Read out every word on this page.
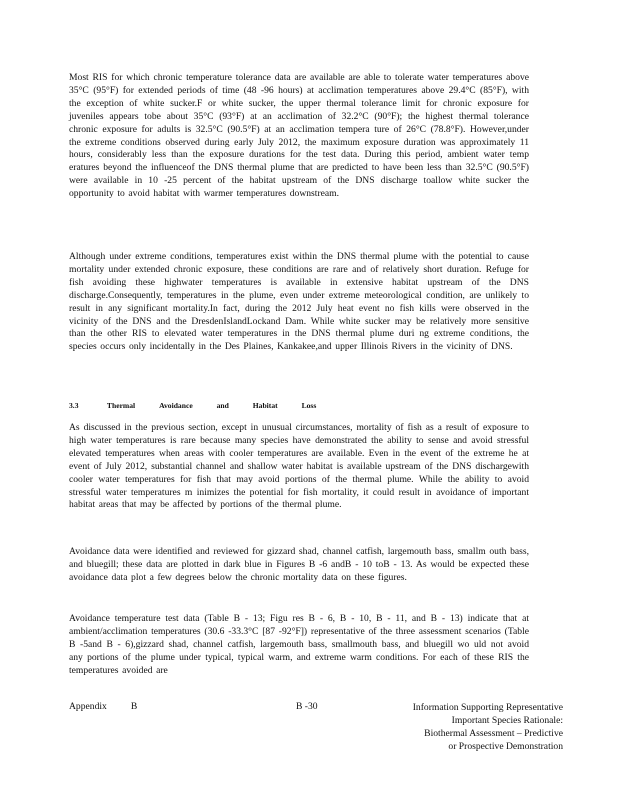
Most RIS for which chronic temperature tolerance data are available are able to tolerate water temperatures above 35°C (95°F) for extended periods of time (48 -96 hours) at acclimation temperatures above 29.4°C (85°F), with the exception of white sucker.F or white sucker, the upper thermal tolerance limit for chronic exposure for juveniles appears tobe about 35°C (93°F) at an acclimation of 32.2°C (90°F); the highest thermal tolerance chronic exposure for adults is 32.5°C (90.5°F) at an acclimation tempera ture of 26°C (78.8°F). However,under the extreme conditions observed during early July 2012, the maximum exposure duration was approximately 11 hours, considerably less than the exposure durations for the test data. During this period, ambient water temp eratures beyond the influenceof the DNS thermal plume that are predicted to have been less than 32.5°C (90.5°F) were available in 10 -25 percent of the habitat upstream of the DNS discharge toallow white sucker the opportunity to avoid habitat with warmer temperatures downstream.

Although under extreme conditions, temperatures exist within the DNS thermal plume with the potential to cause mortality under extended chronic exposure, these conditions are rare and of relatively short duration. Refuge for fish avoiding these highwater temperatures is available in extensive habitat upstream of the DNS discharge.Consequently, temperatures in the plume, even under extreme meteorological condition, are unlikely to result in any significant mortality.In fact, during the 2012 July heat event no fish kills were observed in the vicinity of the DNS and the DresdenIslandLockand Dam. While white sucker may be relatively more sensitive than the other RIS to elevated water temperatures in the DNS thermal plume duri ng extreme conditions, the species occurs only incidentally in the Des Plaines, Kankakee,and upper Illinois Rivers in the vicinity of DNS.

3.3	Thermal	Avoidance	and	Habitat	Loss

As discussed in the previous section, except in unusual circumstances, mortality of fish as a result of exposure to high water temperatures is rare because many species have demonstrated the ability to sense and avoid stressful elevated temperatures when areas with cooler temperatures are available. Even in the event of the extreme he at event of July 2012, substantial channel and shallow water habitat is available upstream of the DNS dischargewith cooler water temperatures for fish that may avoid portions of the thermal plume. While the ability to avoid stressful water temperatures m inimizes the potential for fish mortality, it could result in avoidance of important habitat areas that may be affected by portions of the thermal plume.

Avoidance data were identified and reviewed for gizzard shad, channel catfish, largemouth bass, smallm outh bass, and bluegill; these data are plotted in dark blue in Figures B -6 andB - 10 toB - 13. As would be expected these avoidance data plot a few degrees below the chronic mortality data on these figures.

Avoidance temperature test data (Table B - 13; Figu res B - 6, B - 10, B - 11, and B - 13) indicate that at ambient/acclimation temperatures (30.6 -33.3°C [87 -92°F]) representative of the three assessment scenarios (Table B -5and B - 6),gizzard shad, channel catfish, largemouth bass, smallmouth bass, and bluegill wo uld not avoid any portions of the plume under typical, typical warm, and extreme warm conditions. For each of these RIS the temperatures avoided are

Appendix	B	B -30	Information Supporting Representative
Important Species Rationale:
Biothermal Assessment – Predictive
or Prospective Demonstration
